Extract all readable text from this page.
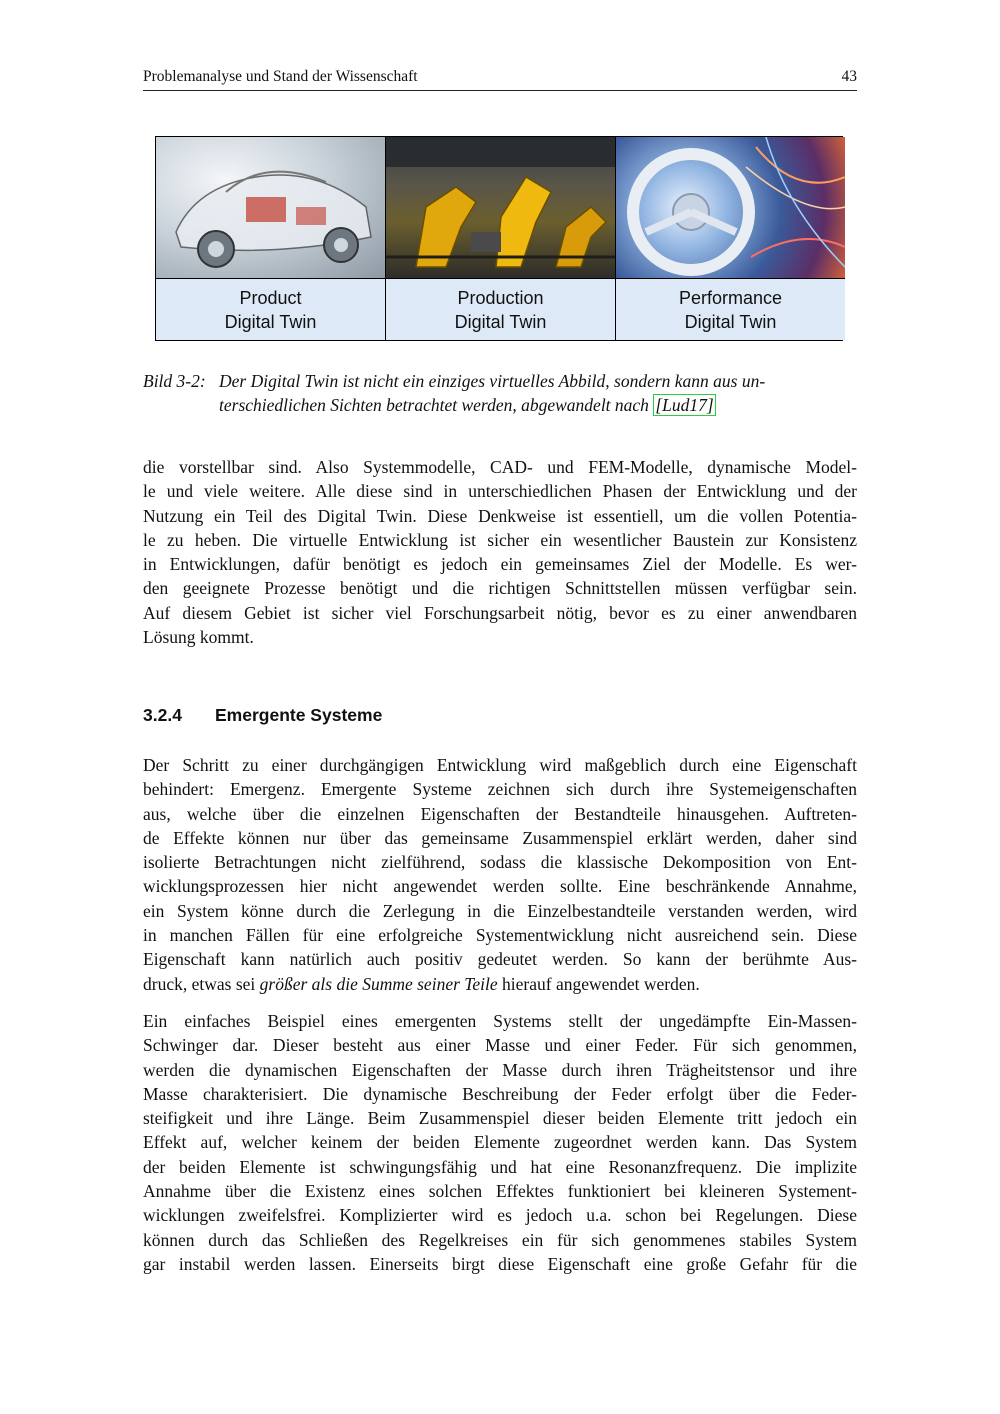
Problemanalyse und Stand der Wissenschaft	43
Product
Digital Twin
Production
Digital Twin
Performance
Digital Twin
Bild 3-2: Der Digital Twin ist nicht ein einziges virtuelles Abbild, sondern kann aus un-
terschiedlichen Sichten betrachtet werden, abgewandelt nach [Lud17]
die vorstellbar sind. Also Systemmodelle, CAD- und FEM-Modelle, dynamische Model-
le und viele weitere. Alle diese sind in unterschiedlichen Phasen der Entwicklung und der
Nutzung ein Teil des Digital Twin. Diese Denkweise ist essentiell, um die vollen Potentia-
le zu heben. Die virtuelle Entwicklung ist sicher ein wesentlicher Baustein zur Konsistenz
in Entwicklungen, dafür benötigt es jedoch ein gemeinsames Ziel der Modelle. Es wer-
den geeignete Prozesse benötigt und die richtigen Schnittstellen müssen verfügbar sein.
Auf diesem Gebiet ist sicher viel Forschungsarbeit nötig, bevor es zu einer anwendbaren
Lösung kommt.
3.2.4 Emergente Systeme
Der Schritt zu einer durchgängigen Entwicklung wird maßgeblich durch eine Eigenschaft
behindert: Emergenz. Emergente Systeme zeichnen sich durch ihre Systemeigenschaften
aus, welche über die einzelnen Eigenschaften der Bestandteile hinausgehen. Auftreten-
de Effekte können nur über das gemeinsame Zusammenspiel erklärt werden, daher sind
isolierte Betrachtungen nicht zielführend, sodass die klassische Dekomposition von Ent-
wicklungsprozessen hier nicht angewendet werden sollte. Eine beschränkende Annahme,
ein System könne durch die Zerlegung in die Einzelbestandteile verstanden werden, wird
in manchen Fällen für eine erfolgreiche Systementwicklung nicht ausreichend sein. Diese
Eigenschaft kann natürlich auch positiv gedeutet werden. So kann der berühmte Aus-
druck, etwas sei größer als die Summe seiner Teile hierauf angewendet werden.
Ein einfaches Beispiel eines emergenten Systems stellt der ungedämpfte Ein-Massen-
Schwinger dar. Dieser besteht aus einer Masse und einer Feder. Für sich genommen,
werden die dynamischen Eigenschaften der Masse durch ihren Trägheitstensor und ihre
Masse charakterisiert. Die dynamische Beschreibung der Feder erfolgt über die Feder-
steifigkeit und ihre Länge. Beim Zusammenspiel dieser beiden Elemente tritt jedoch ein
Effekt auf, welcher keinem der beiden Elemente zugeordnet werden kann. Das System
der beiden Elemente ist schwingungsfähig und hat eine Resonanzfrequenz. Die implizite
Annahme über die Existenz eines solchen Effektes funktioniert bei kleineren Systement-
wicklungen zweifelsfrei. Komplizierter wird es jedoch u.a. schon bei Regelungen. Diese
können durch das Schließen des Regelkreises ein für sich genommenes stabiles System
gar instabil werden lassen. Einerseits birgt diese Eigenschaft eine große Gefahr für die
